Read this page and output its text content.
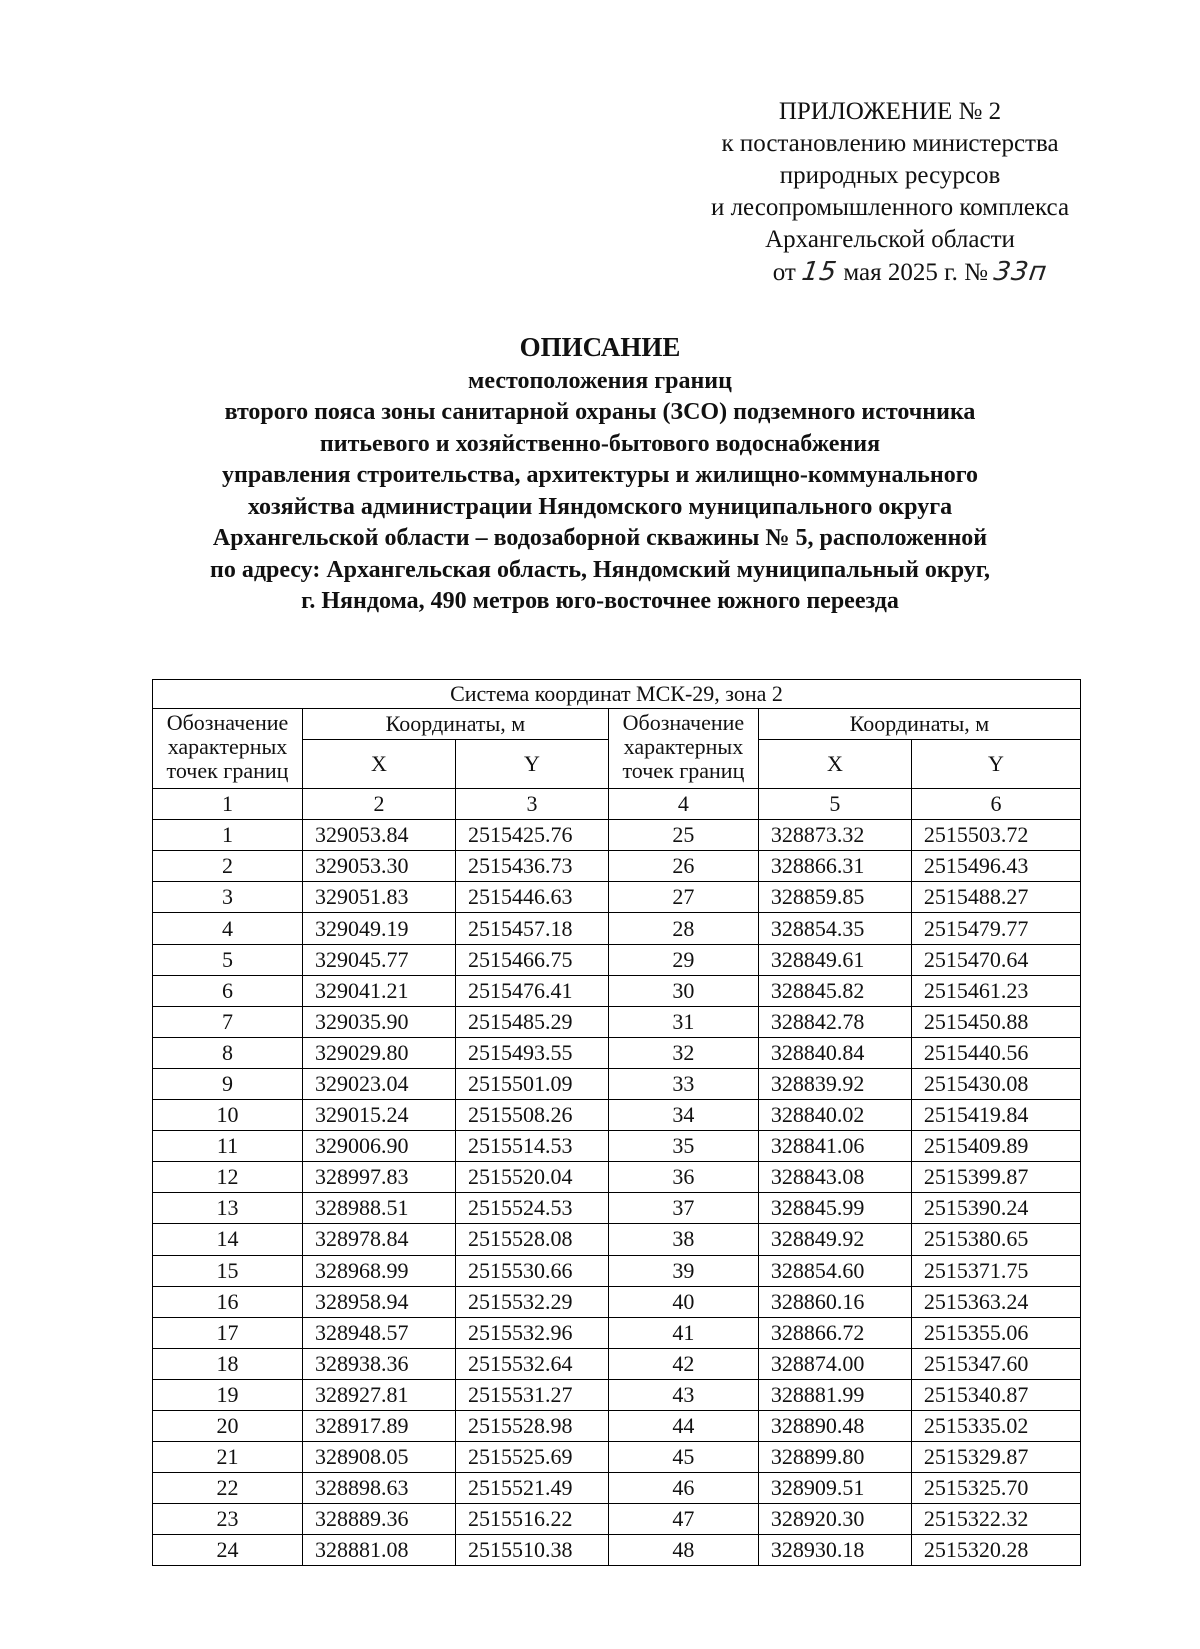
ПРИЛОЖЕНИЕ № 2
к постановлению министерства
природных ресурсов
и лесопромышленного комплекса
Архангельской области
от 15 мая 2025 г. № 33п
ОПИСАНИЕ
местоположения границ
второго пояса зоны санитарной охраны (ЗСО) подземного источника
питьевого и хозяйственно-бытового водоснабжения
управления строительства, архитектуры и жилищно-коммунального
хозяйства администрации Няндомского муниципального округа
Архангельской области – водозаборной скважины № 5, расположенной
по адресу: Архангельская область, Няндомский муниципальный округ,
г. Няндома, 490 метров юго-восточнее южного переезда
Система координат МСК-29, зона 2					
Обозначение характерных точек границ	Координаты, м		Обозначение характерных точек границ	Координаты, м	
	X	Y		X	Y
1	2	3	4	5	6
1	329053.84	2515425.76	25	328873.32	2515503.72
2	329053.30	2515436.73	26	328866.31	2515496.43
3	329051.83	2515446.63	27	328859.85	2515488.27
4	329049.19	2515457.18	28	328854.35	2515479.77
5	329045.77	2515466.75	29	328849.61	2515470.64
6	329041.21	2515476.41	30	328845.82	2515461.23
7	329035.90	2515485.29	31	328842.78	2515450.88
8	329029.80	2515493.55	32	328840.84	2515440.56
9	329023.04	2515501.09	33	328839.92	2515430.08
10	329015.24	2515508.26	34	328840.02	2515419.84
11	329006.90	2515514.53	35	328841.06	2515409.89
12	328997.83	2515520.04	36	328843.08	2515399.87
13	328988.51	2515524.53	37	328845.99	2515390.24
14	328978.84	2515528.08	38	328849.92	2515380.65
15	328968.99	2515530.66	39	328854.60	2515371.75
16	328958.94	2515532.29	40	328860.16	2515363.24
17	328948.57	2515532.96	41	328866.72	2515355.06
18	328938.36	2515532.64	42	328874.00	2515347.60
19	328927.81	2515531.27	43	328881.99	2515340.87
20	328917.89	2515528.98	44	328890.48	2515335.02
21	328908.05	2515525.69	45	328899.80	2515329.87
22	328898.63	2515521.49	46	328909.51	2515325.70
23	328889.36	2515516.22	47	328920.30	2515322.32
24	328881.08	2515510.38	48	328930.18	2515320.28
